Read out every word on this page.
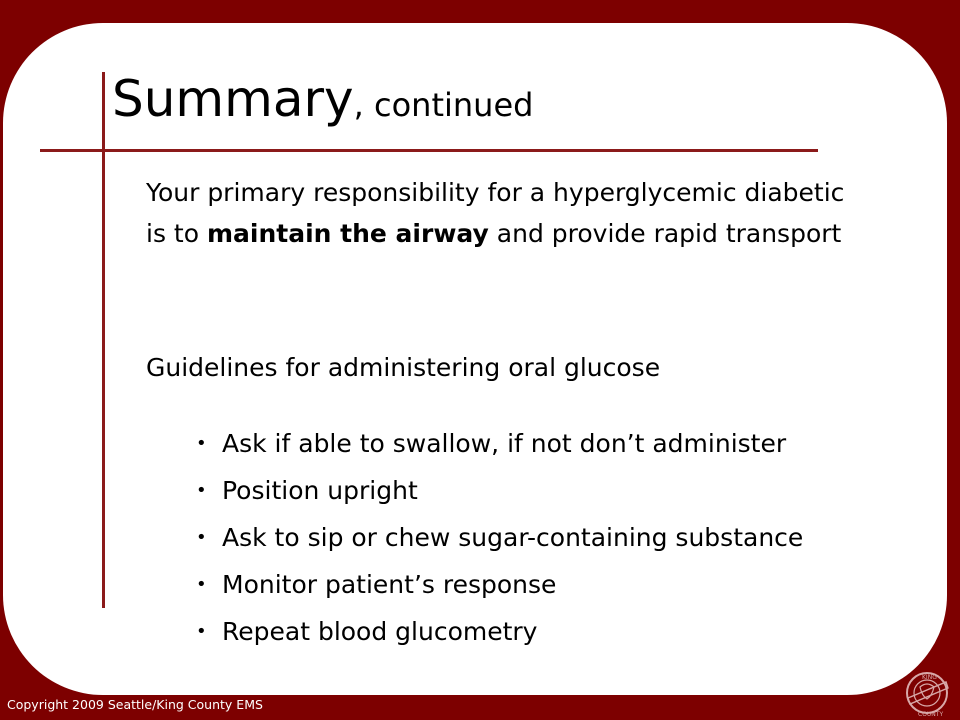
Summary, continued

Your primary responsibility for a hyperglycemic diabetic is to maintain the airway and provide rapid transport

Guidelines for administering oral glucose

• Ask if able to swallow, if not don’t administer
• Position upright
• Ask to sip or chew sugar-containing substance
• Monitor patient’s response
• Repeat blood glucometry
Copyright 2009 Seattle/King County EMS
KING
COUNTY
